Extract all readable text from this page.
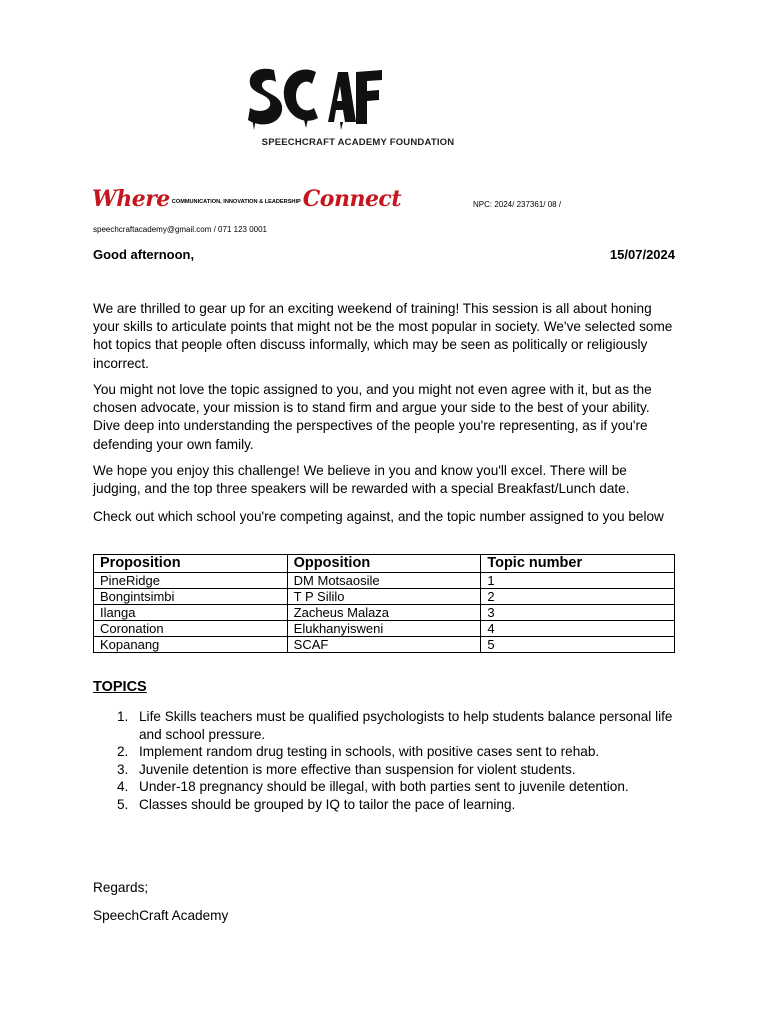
SPEECHCRAFT ACADEMY FOUNDATION
Where COMMUNICATION, INNOVATION & LEADERSHIPConnect	NPC: 2024/ 237361/ 08 /
speechcraftacademy@gmail.com / 071 123 0001
Good afternoon,	15/07/2024

We are thrilled to gear up for an exciting weekend of training! This session is all about honing your skills to articulate points that might not be the most popular in society. We've selected some hot topics that people often discuss informally, which may be seen as politically or religiously incorrect.

You might not love the topic assigned to you, and you might not even agree with it, but as the chosen advocate, your mission is to stand firm and argue your side to the best of your ability. Dive deep into understanding the perspectives of the people you're representing, as if you're defending your own family.

We hope you enjoy this challenge! We believe in you and know you'll excel. There will be judging, and the top three speakers will be rewarded with a special Breakfast/Lunch date.

Check out which school you're competing against, and the topic number assigned to you below

Proposition	Opposition	Topic number
PineRidge	DM Motsaosile	1
Bongintsimbi	T P Sililo	2
Ilanga	Zacheus Malaza	3
Coronation	Elukhanyisweni	4
Kopanang	SCAF	5
TOPICS
1. Life Skills teachers must be qualified psychologists to help students balance personal life and school pressure.
2. Implement random drug testing in schools, with positive cases sent to rehab.
3. Juvenile detention is more effective than suspension for violent students.
4. Under-18 pregnancy should be illegal, with both parties sent to juvenile detention.
5. Classes should be grouped by IQ to tailor the pace of learning.
Regards;
SpeechCraft Academy
